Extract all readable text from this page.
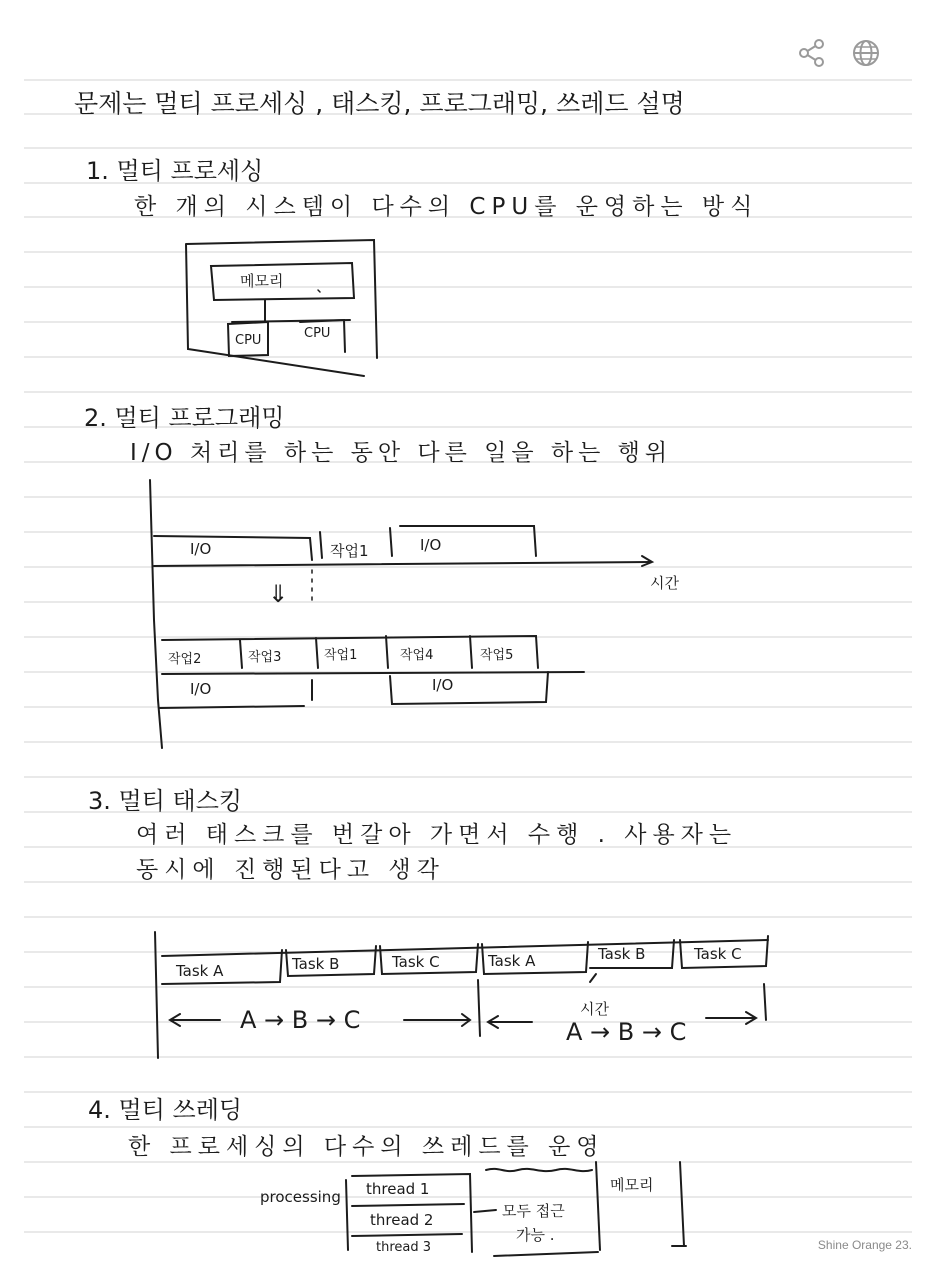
문제는 멀티 프로세싱 , 태스킹, 프로그래밍, 쓰레드 설명
1. 멀티 프로세싱
한 개의 시스템이 다수의 CPU를 운영하는 방식
메모리
CPU	CPU
2. 멀티 프로그래밍
I/O 처리를 하는 동안 다른 일을 하는 행위
I/O	작업1	I/O
시간
⇓
작업2	작업3	작업1	작업4	작업5
I/O	I/O
3. 멀티 태스킹
여러 태스크를 번갈아 가면서 수행 . 사용자는
동시에 진행된다고 생각
Task A	Task B	Task C	Task A	Task B	Task C
A → B → C	시간
A → B → C
4. 멀티 쓰레딩
한 프로세싱의 다수의 쓰레드를 운영
processing thread 1
thread 2
thread 3
모두 접근
가능 .
메모리
Shine Orange 23.
